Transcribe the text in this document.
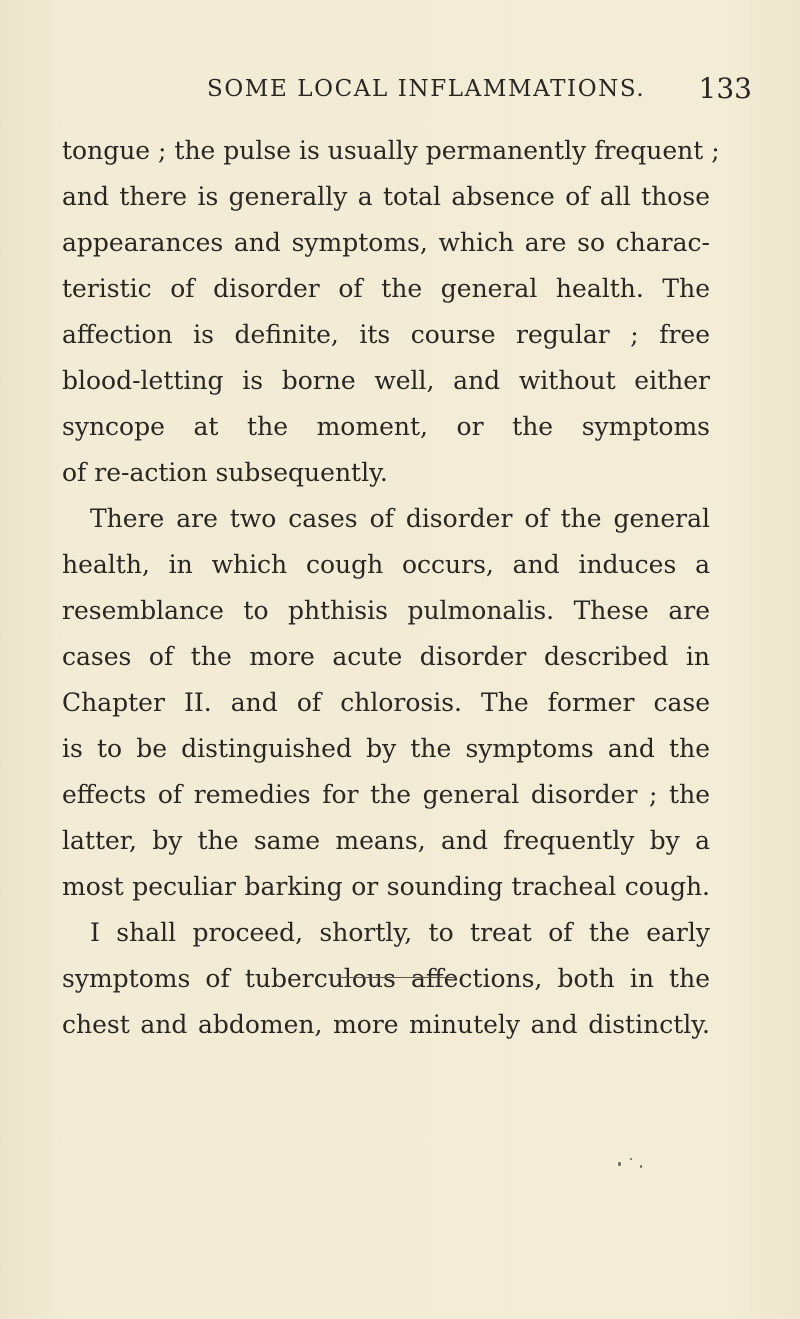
SOME LOCAL INFLAMMATIONS. 133
tongue ; the pulse is usually permanently frequent ;
and there is generally a total absence of all those
appearances and symptoms, which are so charac-
teristic of disorder of the general health. The
affection is definite, its course regular ; free
blood-letting is borne well, and without either
syncope at the moment, or the symptoms
of re-action subsequently.
There are two cases of disorder of the general
health, in which cough occurs, and induces a
resemblance to phthisis pulmonalis. These are
cases of the more acute disorder described in
Chapter II. and of chlorosis. The former case
is to be distinguished by the symptoms and the
effects of remedies for the general disorder ; the
latter, by the same means, and frequently by a
most peculiar barking or sounding tracheal cough.
I shall proceed, shortly, to treat of the early
symptoms of tuberculous affections, both in the
chest and abdomen, more minutely and distinctly.
